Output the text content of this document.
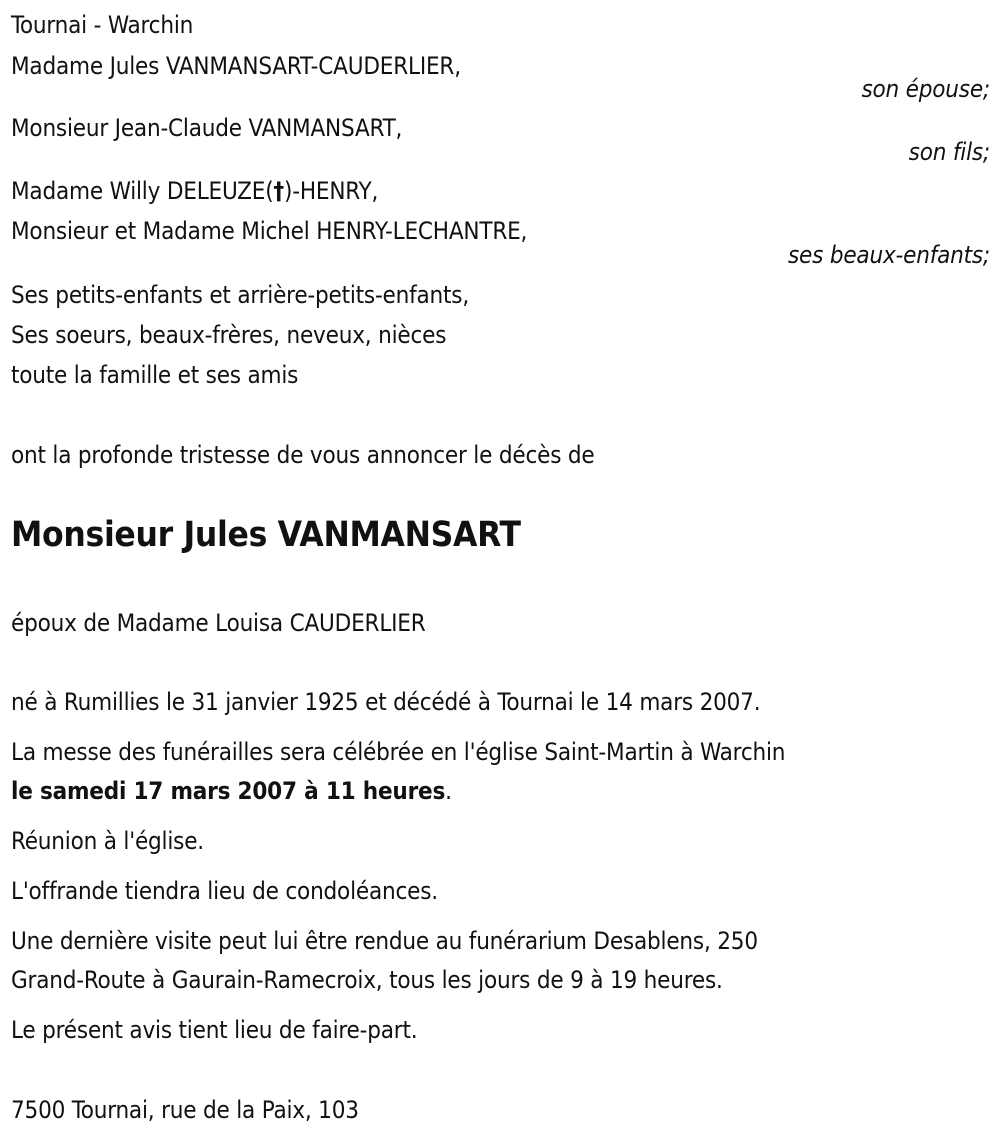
Tournai - Warchin
Madame Jules VANMANSART-CAUDERLIER,
son épouse;
Monsieur Jean-Claude VANMANSART,
son fils;
Madame Willy DELEUZE(†)-HENRY,
Monsieur et Madame Michel HENRY-LECHANTRE,
ses beaux-enfants;
Ses petits-enfants et arrière-petits-enfants,
Ses soeurs, beaux-frères, neveux, nièces
toute la famille et ses amis
ont la profonde tristesse de vous annoncer le décès de
Monsieur Jules VANMANSART
époux de Madame Louisa CAUDERLIER
né à Rumillies le 31 janvier 1925 et décédé à Tournai le 14 mars 2007.
La messe des funérailles sera célébrée en l'église Saint-Martin à Warchin
le samedi 17 mars 2007 à 11 heures.
Réunion à l'église.
L'offrande tiendra lieu de condoléances.
Une dernière visite peut lui être rendue au funérarium Desablens, 250
Grand-Route à Gaurain-Ramecroix, tous les jours de 9 à 19 heures.
Le présent avis tient lieu de faire-part.
7500 Tournai, rue de la Paix, 103
